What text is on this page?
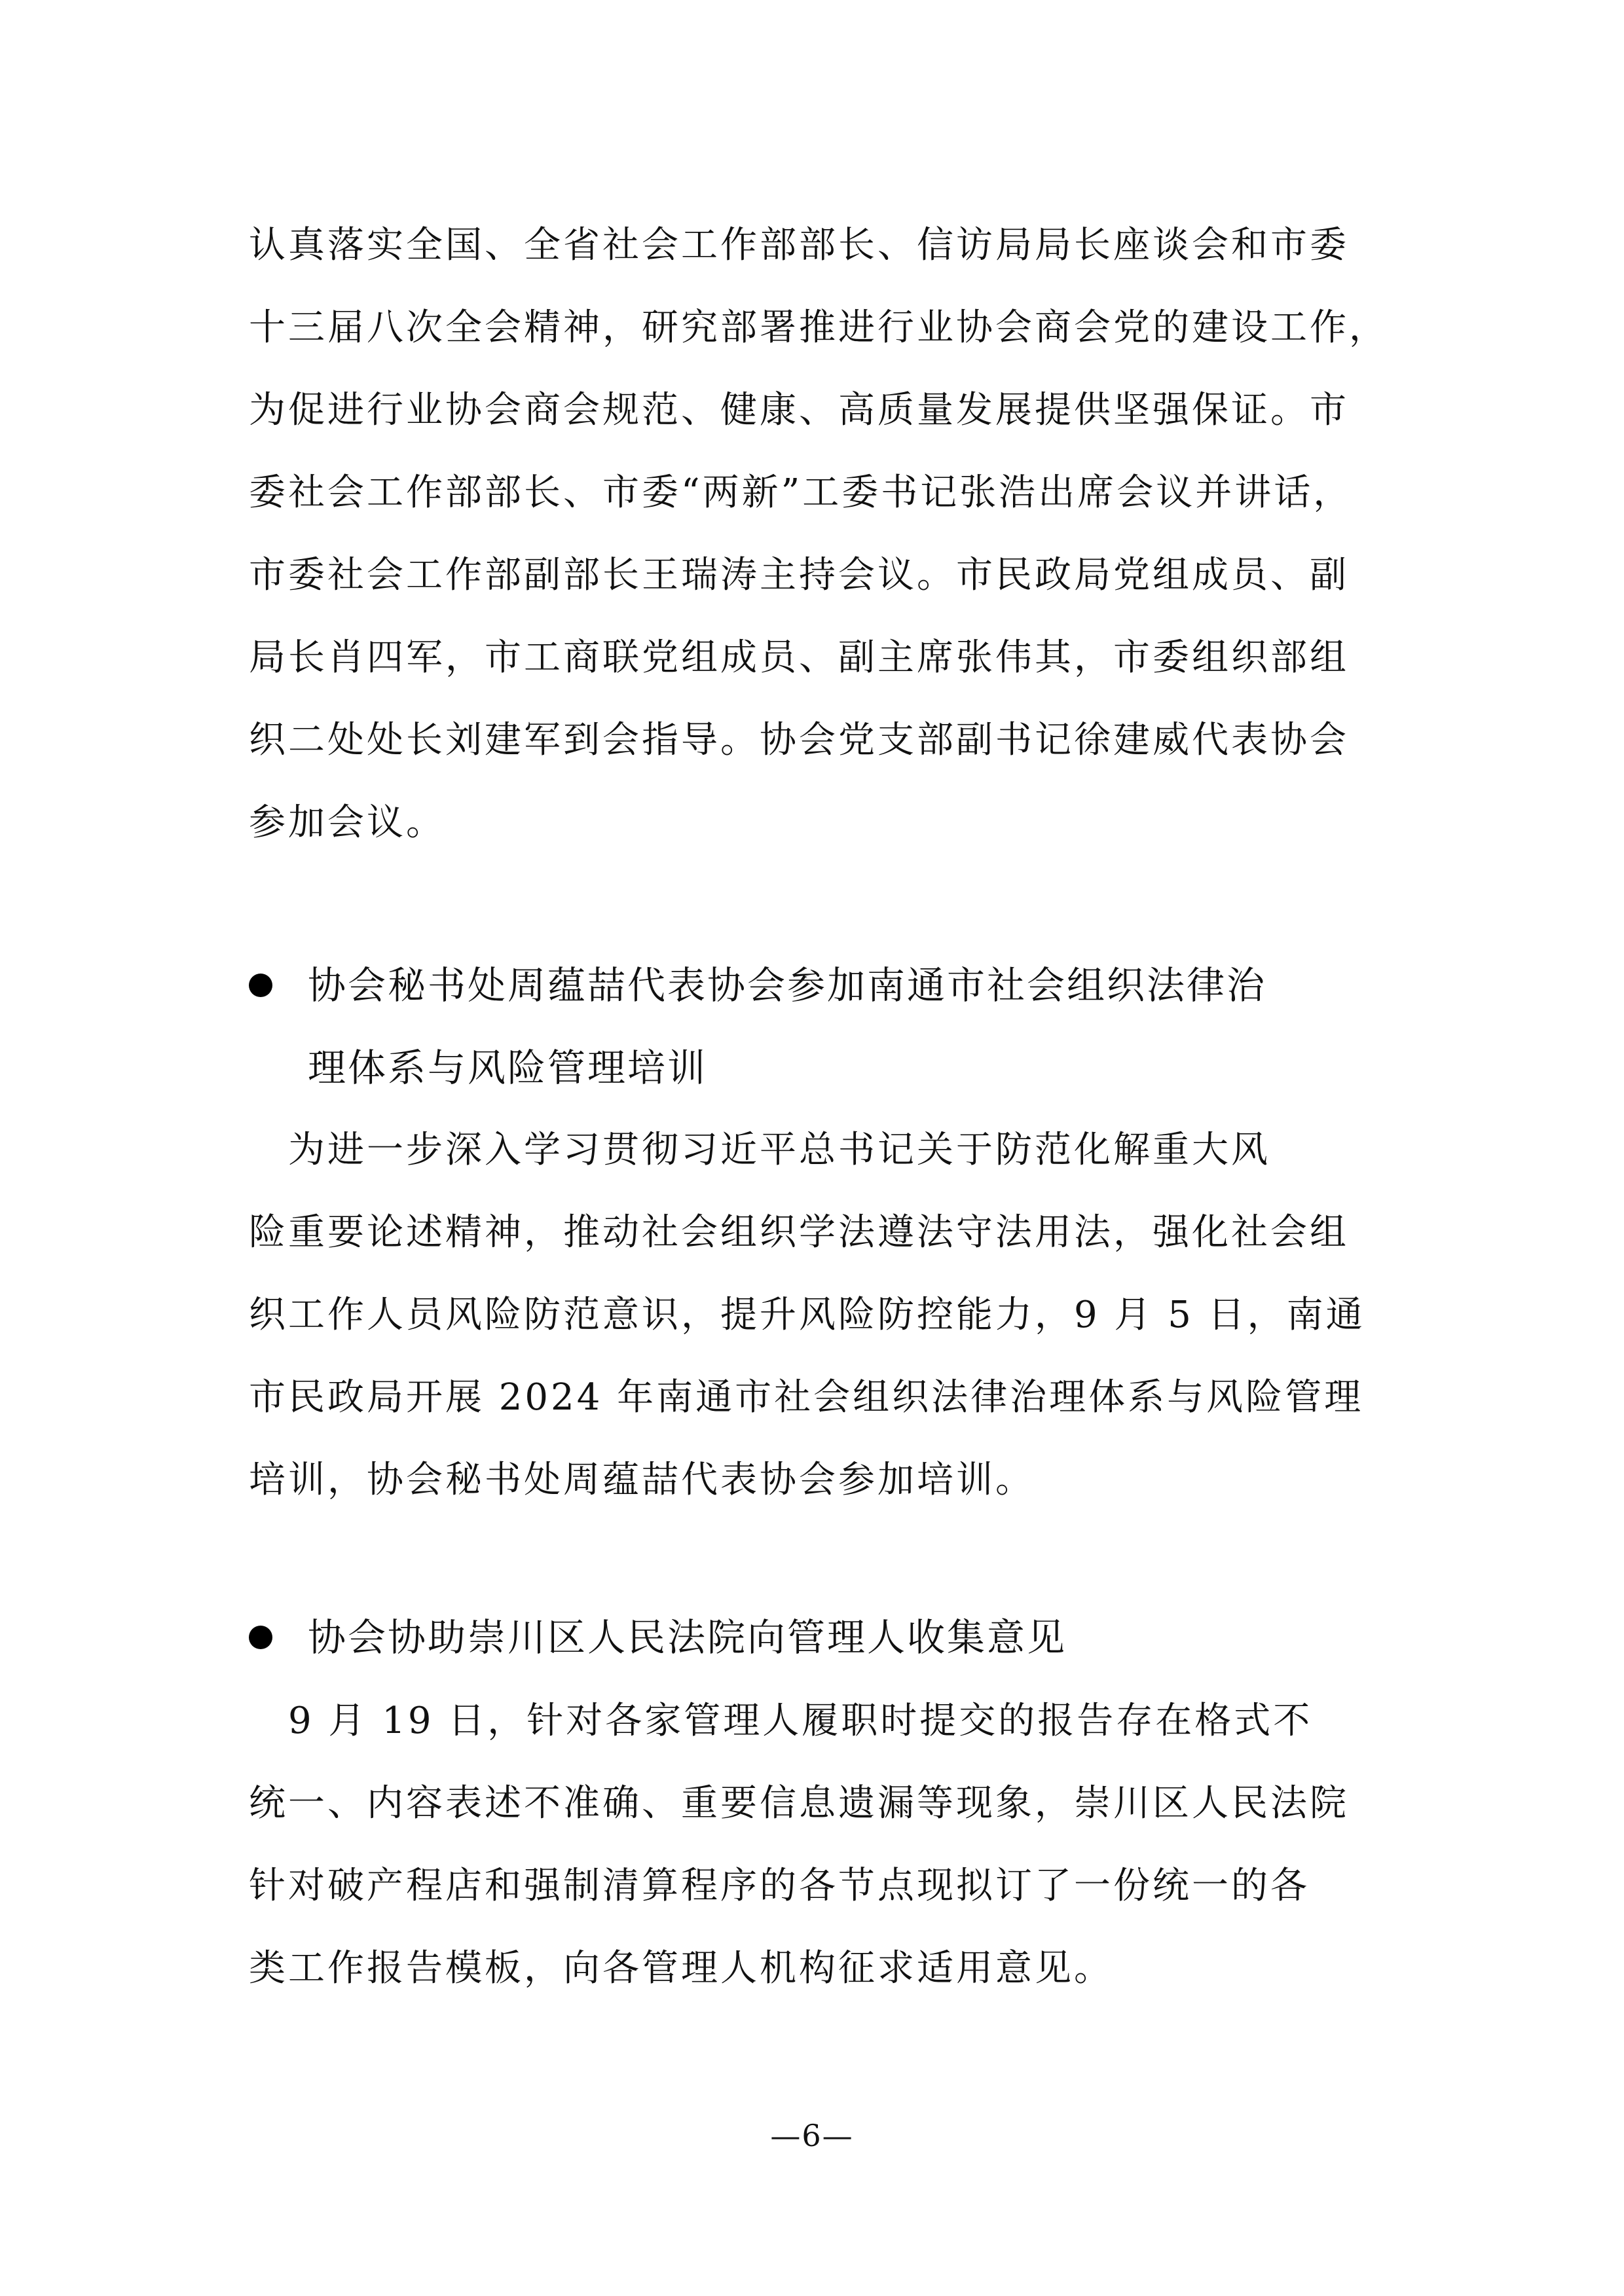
认真落实全国、全省社会工作部部长、信访局局长座谈会和市委
十三届八次全会精神，研究部署推进行业协会商会党的建设工作，
为促进行业协会商会规范、健康、高质量发展提供坚强保证。市
委社会工作部部长、市委“两新”工委书记张浩出席会议并讲话，
市委社会工作部副部长王瑞涛主持会议。市民政局党组成员、副
局长肖四军，市工商联党组成员、副主席张伟其，市委组织部组
织二处处长刘建军到会指导。协会党支部副书记徐建威代表协会
参加会议。
协会秘书处周蕴喆代表协会参加南通市社会组织法律治
理体系与风险管理培训
　为进一步深入学习贯彻习近平总书记关于防范化解重大风
险重要论述精神，推动社会组织学法遵法守法用法，强化社会组
织工作人员风险防范意识，提升风险防控能力，9 月 5 日，南通
市民政局开展 2024 年南通市社会组织法律治理体系与风险管理
培训，协会秘书处周蕴喆代表协会参加培训。
协会协助崇川区人民法院向管理人收集意见
　9 月 19 日，针对各家管理人履职时提交的报告存在格式不
统一、内容表述不准确、重要信息遗漏等现象，崇川区人民法院
针对破产程店和强制清算程序的各节点现拟订了一份统一的各
类工作报告模板，向各管理人机构征求适用意见。
—6—
